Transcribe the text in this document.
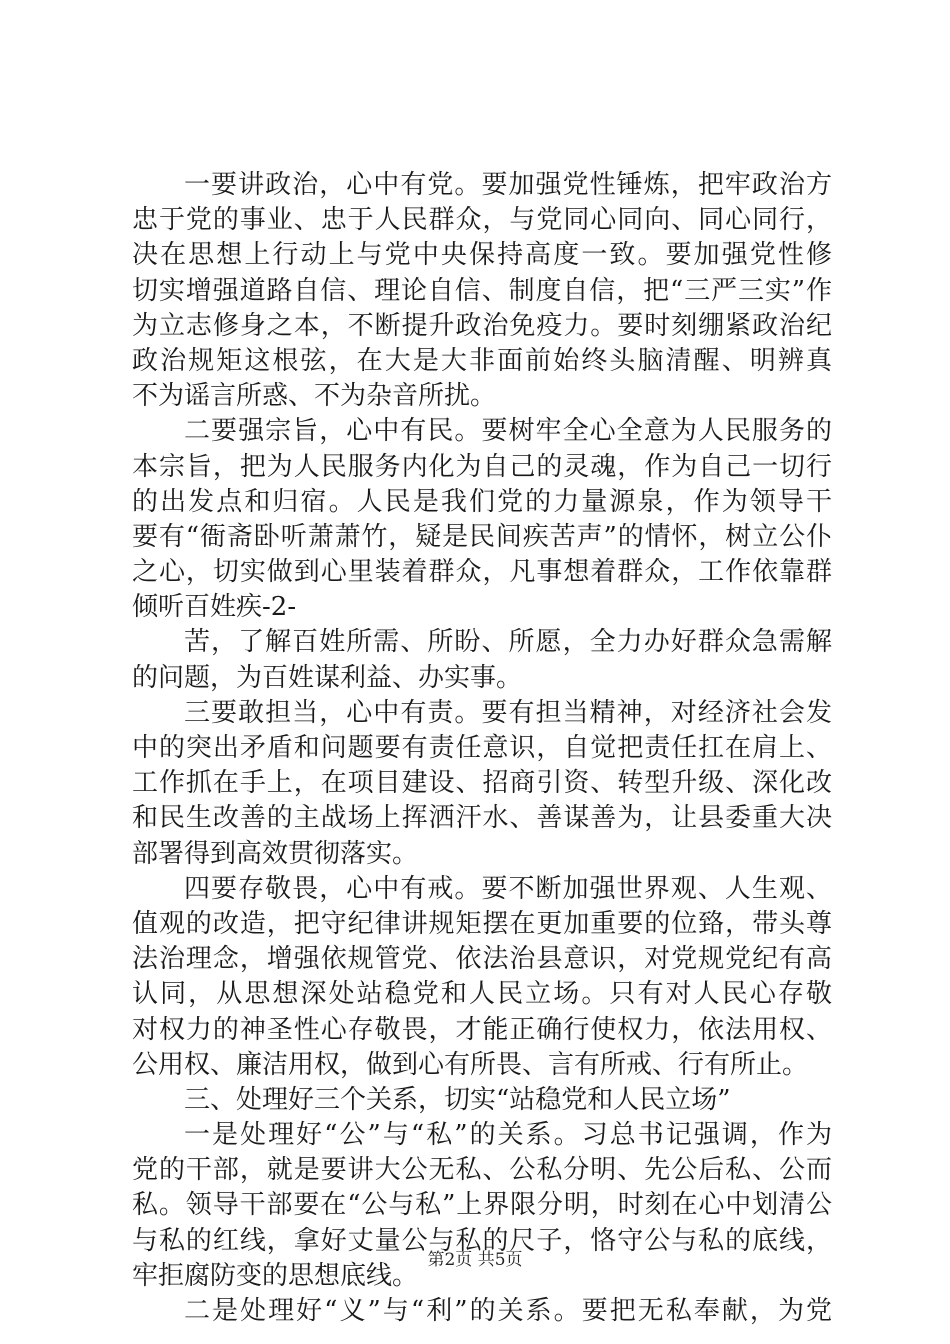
一要讲政治，心中有党。要加强党性锤炼，把牢政治方
忠于党的事业、忠于人民群众，与党同心同向、同心同行，
决在思想上行动上与党中央保持高度一致。要加强党性修
切实增强道路自信、理论自信、制度自信，把“三严三实”作
为立志修身之本，不断提升政治免疫力。要时刻绷紧政治纪
政治规矩这根弦，在大是大非面前始终头脑清醒、明辨真
不为谣言所惑、不为杂音所扰。
二要强宗旨，心中有民。要树牢全心全意为人民服务的
本宗旨，把为人民服务内化为自己的灵魂，作为自己一切行
的出发点和归宿。人民是我们党的力量源泉，作为领导干
要有“衙斋卧听萧萧竹，疑是民间疾苦声”的情怀，树立公仆
之心，切实做到心里装着群众，凡事想着群众，工作依靠群
倾听百姓疾-2-
苦，了解百姓所需、所盼、所愿，全力办好群众急需解
的问题，为百姓谋利益、办实事。
三要敢担当，心中有责。要有担当精神，对经济社会发
中的突出矛盾和问题要有责任意识，自觉把责任扛在肩上、
工作抓在手上，在项目建设、招商引资、转型升级、深化改
和民生改善的主战场上挥洒汗水、善谋善为，让县委重大决
部署得到高效贯彻落实。
四要存敬畏，心中有戒。要不断加强世界观、人生观、
值观的改造，把守纪律讲规矩摆在更加重要的位臵，带头尊
法治理念，增强依规管党、依法治县意识，对党规党纪有高
认同，从思想深处站稳党和人民立场。只有对人民心存敬
对权力的神圣性心存敬畏，才能正确行使权力，依法用权、
公用权、廉洁用权，做到心有所畏、言有所戒、行有所止。
三、处理好三个关系，切实“站稳党和人民立场”
一是处理好“公”与“私”的关系。习总书记强调，作为
党的干部，就是要讲大公无私、公私分明、先公后私、公而
私。领导干部要在“公与私”上界限分明，时刻在心中划清公
与私的红线，拿好丈量公与私的尺子，恪守公与私的底线，
牢拒腐防变的思想底线。
二是处理好“义”与“利”的关系。要把无私奉献，为党
第2页 共5页
